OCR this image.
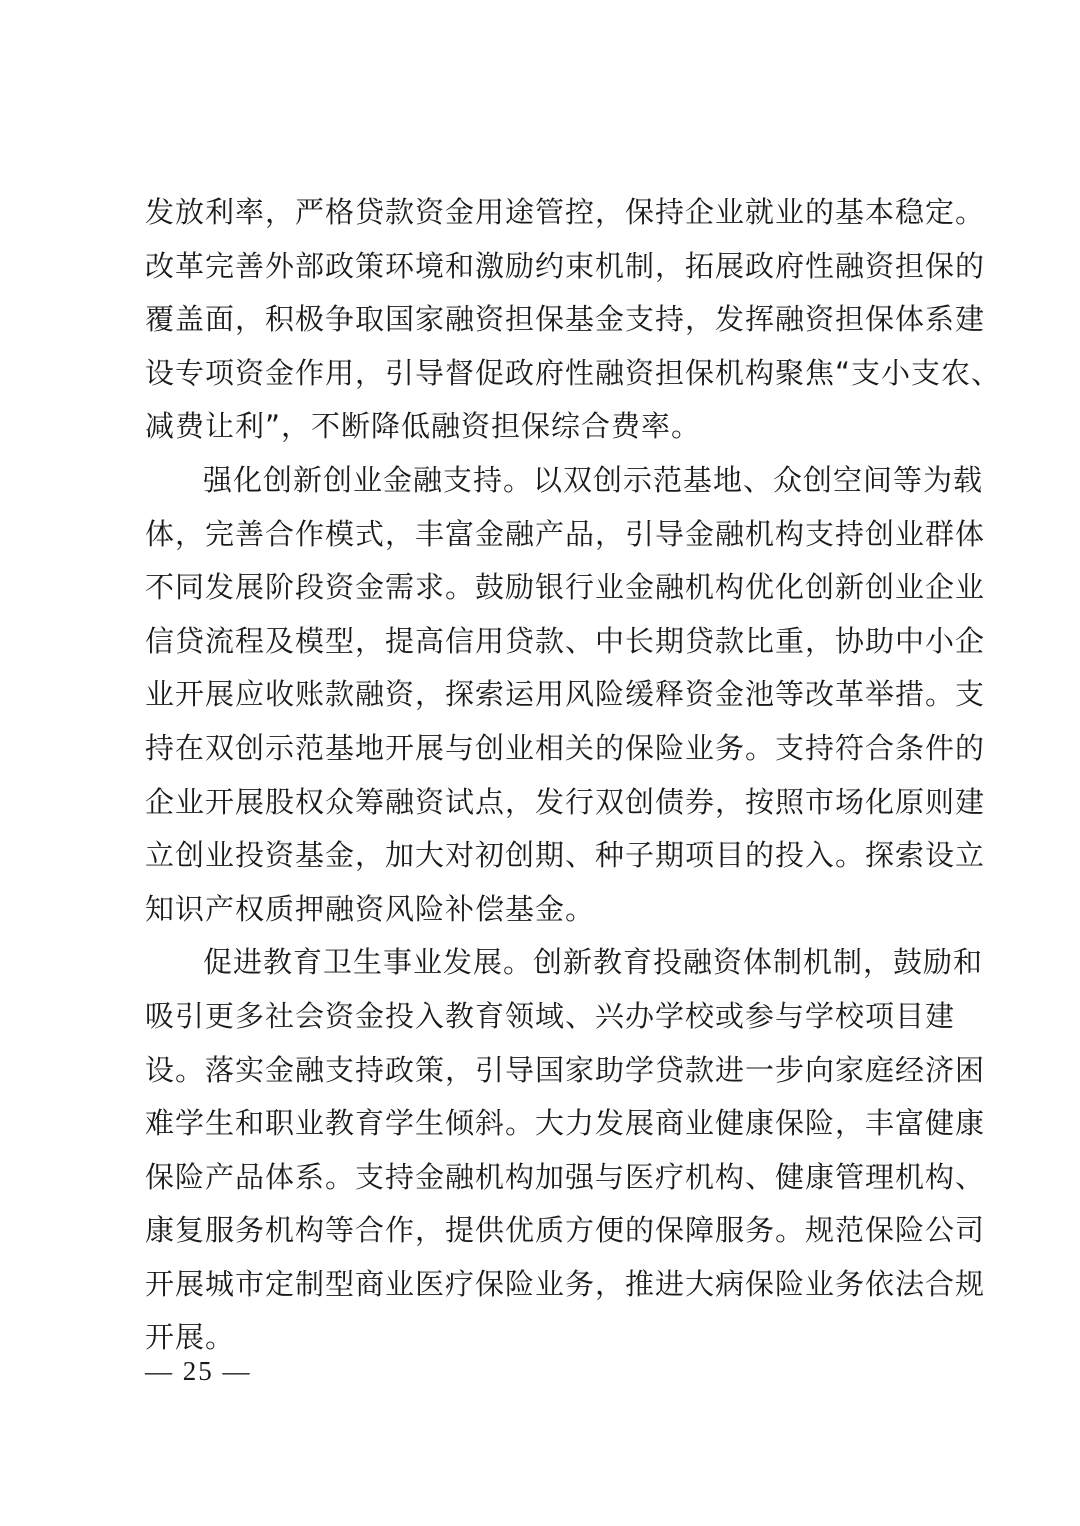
发放利率，严格贷款资金用途管控，保持企业就业的基本稳定。
改革完善外部政策环境和激励约束机制，拓展政府性融资担保的
覆盖面，积极争取国家融资担保基金支持，发挥融资担保体系建
设专项资金作用，引导督促政府性融资担保机构聚焦“支小支农、
减费让利”，不断降低融资担保综合费率。
强化创新创业金融支持。以双创示范基地、众创空间等为载
体，完善合作模式，丰富金融产品，引导金融机构支持创业群体
不同发展阶段资金需求。鼓励银行业金融机构优化创新创业企业
信贷流程及模型，提高信用贷款、中长期贷款比重，协助中小企
业开展应收账款融资，探索运用风险缓释资金池等改革举措。支
持在双创示范基地开展与创业相关的保险业务。支持符合条件的
企业开展股权众筹融资试点，发行双创债券，按照市场化原则建
立创业投资基金，加大对初创期、种子期项目的投入。探索设立
知识产权质押融资风险补偿基金。
促进教育卫生事业发展。创新教育投融资体制机制，鼓励和
吸引更多社会资金投入教育领域、兴办学校或参与学校项目建
设。落实金融支持政策，引导国家助学贷款进一步向家庭经济困
难学生和职业教育学生倾斜。大力发展商业健康保险，丰富健康
保险产品体系。支持金融机构加强与医疗机构、健康管理机构、
康复服务机构等合作，提供优质方便的保障服务。规范保险公司
开展城市定制型商业医疗保险业务，推进大病保险业务依法合规
开展。
— 25 —
